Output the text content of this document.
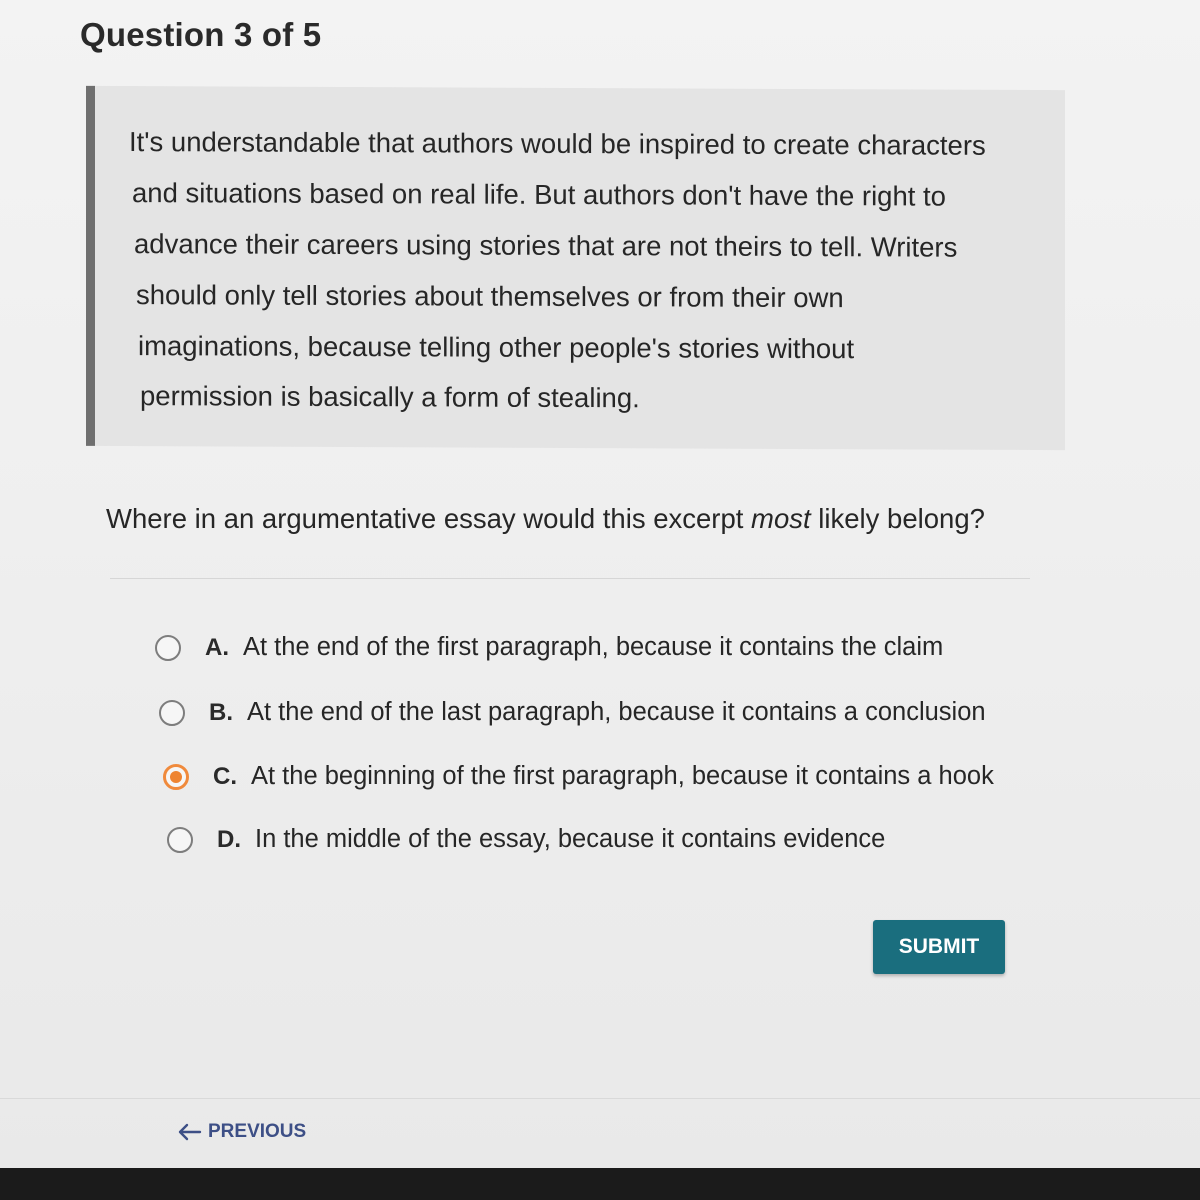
Question 3 of 5
It's understandable that authors would be inspired to create characters
and situations based on real life. But authors don't have the right to
advance their careers using stories that are not theirs to tell. Writers
should only tell stories about themselves or from their own
imaginations, because telling other people's stories without
permission is basically a form of stealing.
Where in an argumentative essay would this excerpt most likely belong?
A. At the end of the first paragraph, because it contains the claim
B. At the end of the last paragraph, because it contains a conclusion
C. At the beginning of the first paragraph, because it contains a hook
D. In the middle of the essay, because it contains evidence
SUBMIT
PREVIOUS
